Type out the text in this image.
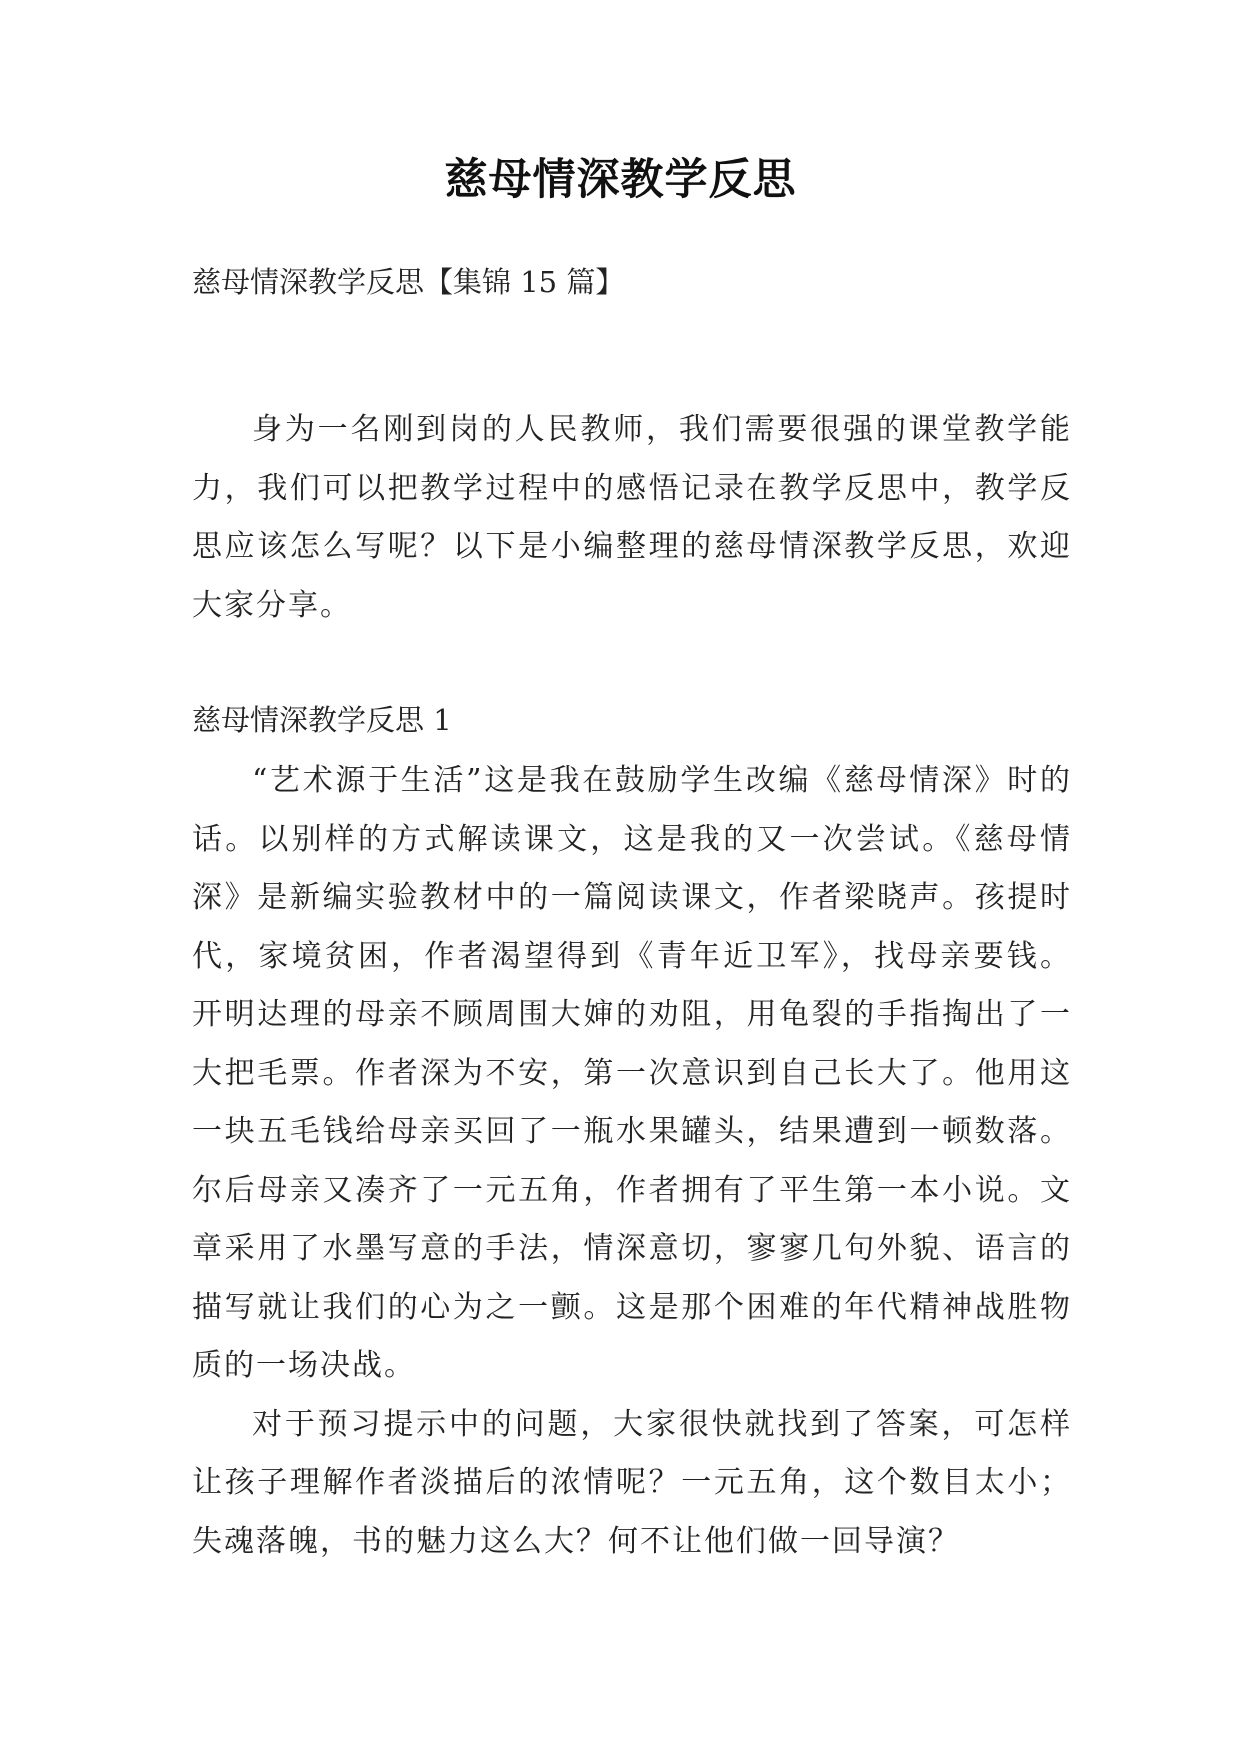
慈母情深教学反思
慈母情深教学反思【集锦 15 篇】

身为一名刚到岗的人民教师，我们需要很强的课堂教学能力，我们可以把教学过程中的感悟记录在教学反思中，教学反思应该怎么写呢？以下是小编整理的慈母情深教学反思，欢迎大家分享。

慈母情深教学反思 1

“艺术源于生活”这是我在鼓励学生改编《慈母情深》时的话。以别样的方式解读课文，这是我的又一次尝试。《慈母情深》是新编实验教材中的一篇阅读课文，作者梁晓声。孩提时代，家境贫困，作者渴望得到《青年近卫军》，找母亲要钱。开明达理的母亲不顾周围大婶的劝阻，用龟裂的手指掏出了一大把毛票。作者深为不安，第一次意识到自己长大了。他用这一块五毛钱给母亲买回了一瓶水果罐头，结果遭到一顿数落。尔后母亲又凑齐了一元五角，作者拥有了平生第一本小说。文章采用了水墨写意的手法，情深意切，寥寥几句外貌、语言的描写就让我们的心为之一颤。这是那个困难的年代精神战胜物质的一场决战。

对于预习提示中的问题，大家很快就找到了答案，可怎样让孩子理解作者淡描后的浓情呢？一元五角，这个数目太小；失魂落魄，书的魅力这么大？何不让他们做一回导演？
